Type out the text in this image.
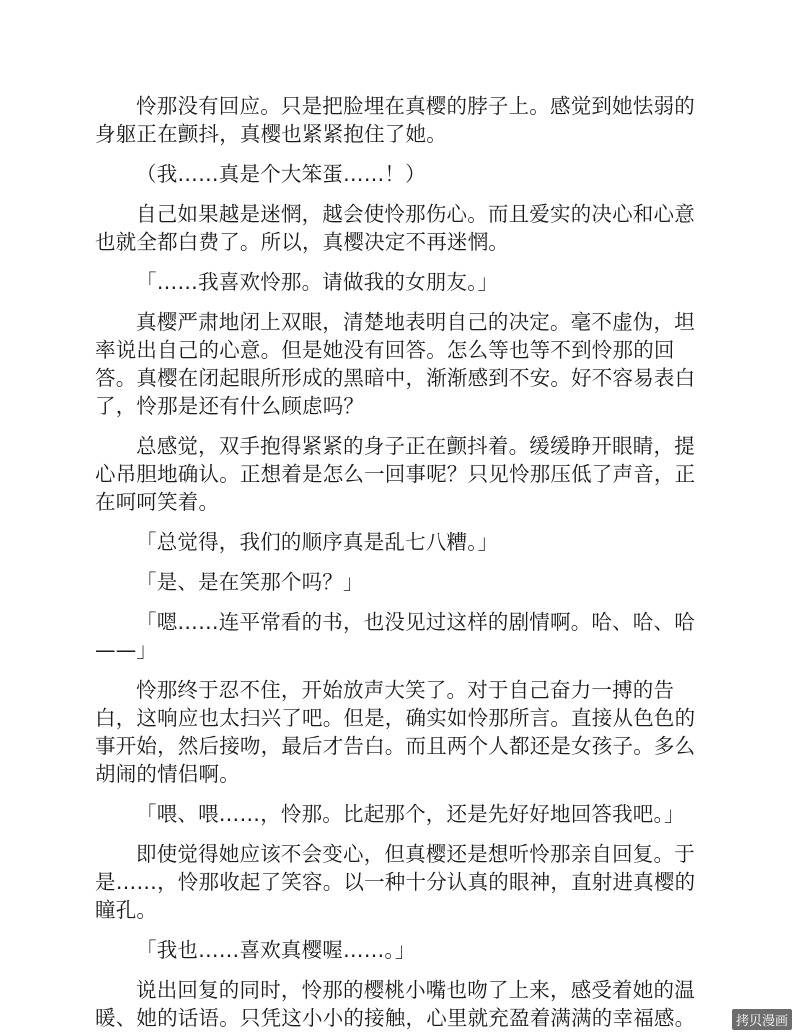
怜那没有回应。只是把脸埋在真樱的脖子上。感觉到她怯弱的身躯正在颤抖，真樱也紧紧抱住了她。

（我……真是个大笨蛋……！）

自己如果越是迷惘，越会使怜那伤心。而且爱实的决心和心意也就全都白费了。所以，真樱决定不再迷惘。

「……我喜欢怜那。请做我的女朋友。」

真樱严肃地闭上双眼，清楚地表明自己的决定。毫不虚伪，坦率说出自己的心意。但是她没有回答。怎么等也等不到怜那的回答。真樱在闭起眼所形成的黑暗中，渐渐感到不安。好不容易表白了，怜那是还有什么顾虑吗？

总感觉，双手抱得紧紧的身子正在颤抖着。缓缓睁开眼睛，提心吊胆地确认。正想着是怎么一回事呢？只见怜那压低了声音，正在呵呵笑着。

「总觉得，我们的顺序真是乱七八糟。」

「是、是在笑那个吗？」

「嗯……连平常看的书，也没见过这样的剧情啊。哈、哈、哈——」

怜那终于忍不住，开始放声大笑了。对于自己奋力一搏的告白，这响应也太扫兴了吧。但是，确实如怜那所言。直接从色色的事开始，然后接吻，最后才告白。而且两个人都还是女孩子。多么胡闹的情侣啊。

「喂、喂……，怜那。比起那个，还是先好好地回答我吧。」

即使觉得她应该不会变心，但真樱还是想听怜那亲自回复。于是……，怜那收起了笑容。以一种十分认真的眼神，直射进真樱的瞳孔。

「我也……喜欢真樱喔……。」

说出回复的同时，怜那的樱桃小嘴也吻了上来，感受着她的温暖、她的话语。只凭这小小的接触，心里就充盈着满满的幸福感。	拷贝漫画
